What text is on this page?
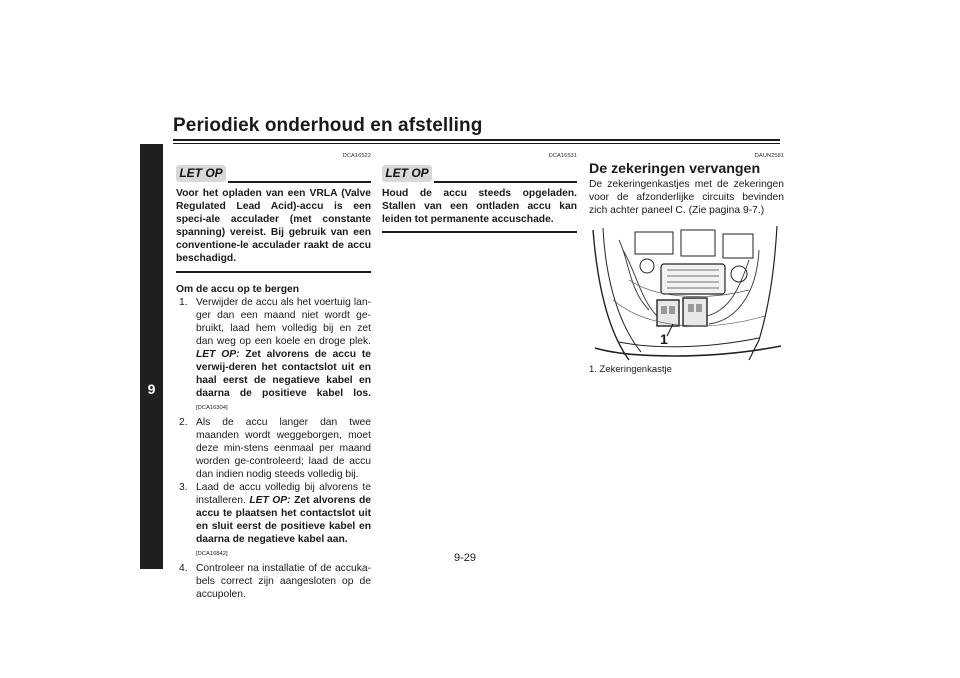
Periodiek onderhoud en afstelling
9

DCA16522

LET OP

Voor het opladen van een VRLA (Valve Regulated Lead Acid)-accu is een speci-ale acculader (met constante spanning) vereist. Bij gebruik van een conventione-le acculader raakt de accu beschadigd.

Om de accu op te bergen

1. Verwijder de accu als het voertuig lan-ger dan een maand niet wordt ge-bruikt, laad hem volledig bij en zet dan weg op een koele en droge plek. LET OP: Zet alvorens de accu te verwij-deren het contactslot uit en haal eerst de negatieve kabel en daarna de positieve kabel los.[DCA16304]
2. Als de accu langer dan twee maanden wordt weggeborgen, moet deze min-stens eenmaal per maand worden ge-controleerd; laad de accu dan indien nodig steeds volledig bij.
3. Laad de accu volledig bij alvorens te installeren. LET OP: Zet alvorens de accu te plaatsen het contactslot uit en sluit eerst de positieve kabel en daarna de negatieve kabel aan.
[DCA16842]
4. Controleer na installatie of de accuka-bels correct zijn aangesloten op de accupolen.

DCA16531

LET OP

Houd de accu steeds opgeladen. Stallen van een ontladen accu kan leiden tot permanente accuschade.

DAUN2581

De zekeringen vervangen

De zekeringenkastjes met de zekeringen voor de afzonderlijke circuits bevinden zich achter paneel C. (Zie pagina 9-7.)

1

1. Zekeringenkastje

9-29
